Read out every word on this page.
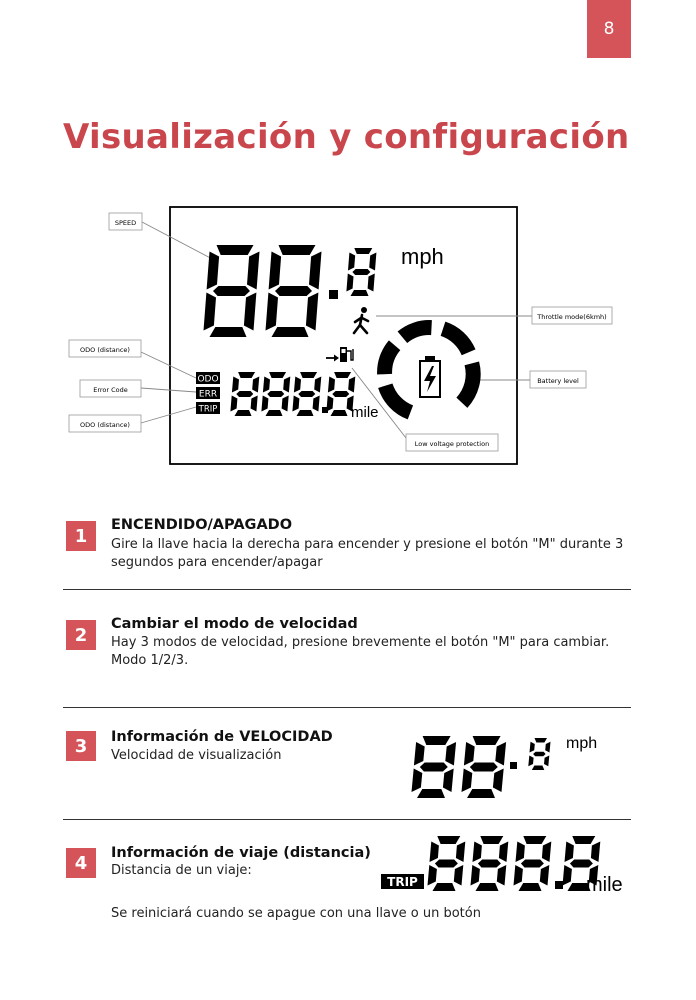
8
Visualización y configuración
SPEED
ODO (distance)
Error Code
ODO (distance)
Throttle mode(6kmh)
Battery level
Low voltage protection
mph
ODO
ERR
TRIP	mile
mph
TRIP	mile
1
ENCENDIDO/APAGADO

Gire la llave hacia la derecha para encender y presione el botón "M" durante 3 segundos para encender/apagar

2
Cambiar el modo de velocidad

Hay 3 modos de velocidad, presione brevemente el botón "M" para cambiar. Modo 1/2/3.

3	Información de VELOCIDAD

Velocidad de visualización

4	Información de viaje (distancia)

Distancia de un viaje:

Se reiniciará cuando se apague con una llave o un botón
